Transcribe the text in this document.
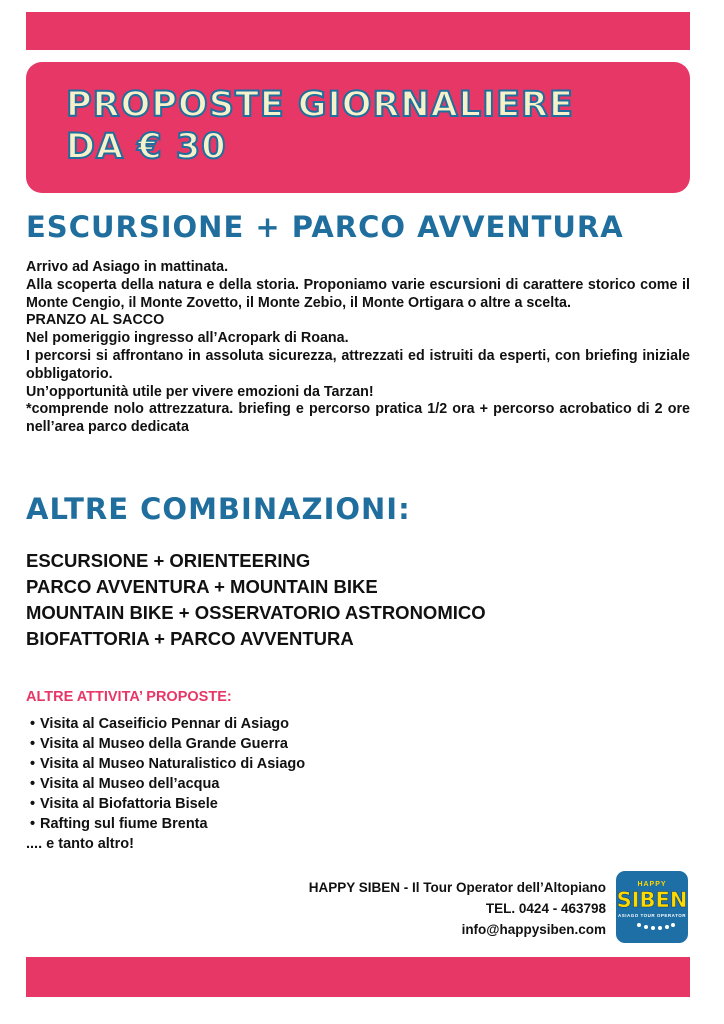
PROPOSTE GIORNALIERE
DA € 30
ESCURSIONE + PARCO AVVENTURA

Arrivo ad Asiago in mattinata.

Alla scoperta della natura e della storia. Proponiamo varie escursioni di carattere storico come il Monte Cengio, il Monte Zovetto, il Monte Zebio, il Monte Ortigara o altre a scelta.

PRANZO AL SACCO

Nel pomeriggio ingresso all’Acropark di Roana.

I percorsi si affrontano in assoluta sicurezza, attrezzati ed istruiti da esperti, con briefing iniziale obbligatorio.

Un’opportunità utile per vivere emozioni da Tarzan!

*comprende nolo attrezzatura. briefing e percorso pratica 1/2 ora + percorso acrobatico di 2 ore nell’area parco dedicata

ALTRE COMBINAZIONI:
ESCURSIONE + ORIENTEERING
PARCO AVVENTURA + MOUNTAIN BIKE
MOUNTAIN BIKE + OSSERVATORIO ASTRONOMICO
BIOFATTORIA + PARCO AVVENTURA
ALTRE ATTIVITA’ PROPOSTE:
• Visita al Caseificio Pennar di Asiago
• Visita al Museo della Grande Guerra
• Visita al Museo Naturalistico di Asiago
• Visita al Museo dell’acqua
• Visita al Biofattoria Bisele
• Rafting sul fiume Brenta
.... e tanto altro!
HAPPY SIBEN - Il Tour Operator dell’Altopiano
TEL. 0424 - 463798
info@happysiben.com
HAPPY
SIBEN
ASIAGO TOUR OPERATOR
